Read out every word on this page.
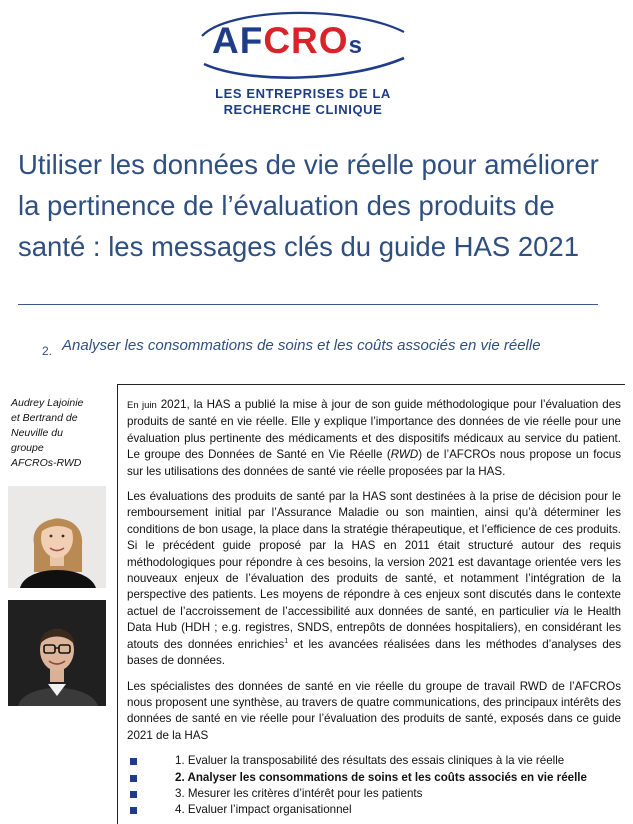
AFCROs
LES ENTREPRISES DE LA
RECHERCHE CLINIQUE
Utiliser les données de vie réelle pour améliorer la pertinence de l’évaluation des produits de santé : les messages clés du guide HAS 2021
2. Analyser les consommations de soins et les coûts associés en vie réelle
Audrey Lajoinie
et Bertrand de
Neuville du
groupe
AFCROs-RWD

En juin 2021, la HAS a publié la mise à jour de son guide méthodologique pour l’évaluation des produits de santé en vie réelle. Elle y explique l’importance des données de vie réelle pour une évaluation plus pertinente des médicaments et des dispositifs médicaux au service du patient. Le groupe des Données de Santé en Vie Réelle (RWD) de l’AFCROs nous propose un focus sur les utilisations des données de santé vie réelle proposées par la HAS.

Les évaluations des produits de santé par la HAS sont destinées à la prise de décision pour le remboursement initial par l’Assurance Maladie ou son maintien, ainsi qu’à déterminer les conditions de bon usage, la place dans la stratégie thérapeutique, et l’efficience de ces produits. Si le précédent guide proposé par la HAS en 2011 était structuré autour des requis méthodologiques pour répondre à ces besoins, la version 2021 est davantage orientée vers les nouveaux enjeux de l’évaluation des produits de santé, et notamment l’intégration de la perspective des patients. Les moyens de répondre à ces enjeux sont discutés dans le contexte actuel de l’accroissement de l’accessibilité aux données de santé, en particulier via le Health Data Hub (HDH ; e.g. registres, SNDS, entrepôts de données hospitaliers), en considérant les atouts des données enrichies$^1$ et les avancées réalisées dans les méthodes d’analyses des bases de données.

Les spécialistes des données de santé en vie réelle du groupe de travail RWD de l’AFCROs nous proposent une synthèse, au travers de quatre communications, des principaux intérêts des données de santé en vie réelle pour l’évaluation des produits de santé, exposés dans ce guide 2021 de la HAS

1. Evaluer la transposabilité des résultats des essais cliniques à la vie réelle
2. Analyser les consommations de soins et les coûts associés en vie réelle
3. Mesurer les critères d’intérêt pour les patients
4. Evaluer l’impact organisationnel
